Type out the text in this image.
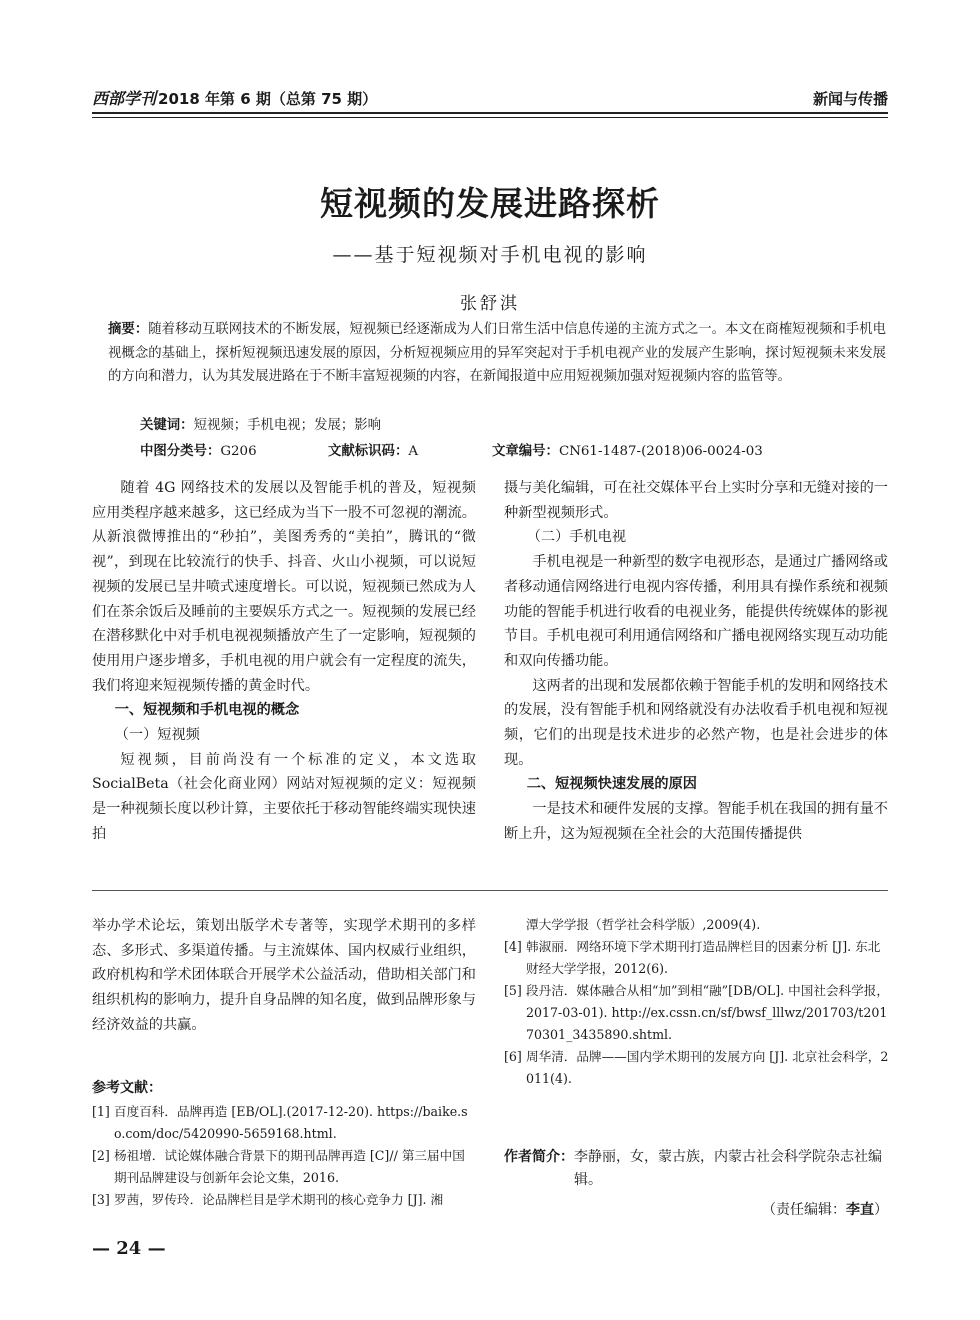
西部学刊 2018 年第 6 期（总第 75 期）	新闻与传播
短视频的发展进路探析
——基于短视频对手机电视的影响
张舒淇
摘要：随着移动互联网技术的不断发展，短视频已经逐渐成为人们日常生活中信息传递的主流方式之一。本文在商榷短视频和手机电视概念的基础上，探析短视频迅速发展的原因，分析短视频应用的异军突起对于手机电视产业的发展产生影响，探讨短视频未来发展的方向和潜力，认为其发展进路在于不断丰富短视频的内容，在新闻报道中应用短视频加强对短视频内容的监管等。
关键词：短视频；手机电视；发展；影响
中图分类号：G206	文献标识码：A	文章编号：CN61-1487-(2018)06-0024-03

随着 4G 网络技术的发展以及智能手机的普及，短视频应用类程序越来越多，这已经成为当下一股不可忽视的潮流。从新浪微博推出的“秒拍”，美图秀秀的“美拍”，腾讯的“微视”，到现在比较流行的快手、抖音、火山小视频，可以说短视频的发展已呈井喷式速度增长。可以说，短视频已然成为人们在茶余饭后及睡前的主要娱乐方式之一。短视频的发展已经在潜移默化中对手机电视视频播放产生了一定影响，短视频的使用用户逐步增多，手机电视的用户就会有一定程度的流失，我们将迎来短视频传播的黄金时代。

一、短视频和手机电视的概念

（一）短视频

短视频，目前尚没有一个标准的定义，本文选取 SocialBeta（社会化商业网）网站对短视频的定义：短视频是一种视频长度以秒计算，主要依托于移动智能终端实现快速拍

摄与美化编辑，可在社交媒体平台上实时分享和无缝对接的一种新型视频形式。

（二）手机电视

手机电视是一种新型的数字电视形态，是通过广播网络或者移动通信网络进行电视内容传播，利用具有操作系统和视频功能的智能手机进行收看的电视业务，能提供传统媒体的影视节目。手机电视可利用通信网络和广播电视网络实现互动功能和双向传播功能。

这两者的出现和发展都依赖于智能手机的发明和网络技术的发展，没有智能手机和网络就没有办法收看手机电视和短视频，它们的出现是技术进步的必然产物，也是社会进步的体现。

二、短视频快速发展的原因

一是技术和硬件发展的支撑。智能手机在我国的拥有量不断上升，这为短视频在全社会的大范围传播提供

举办学术论坛，策划出版学术专著等，实现学术期刊的多样态、多形式、多渠道传播。与主流媒体、国内权威行业组织，政府机构和学术团体联合开展学术公益活动，借助相关部门和组织机构的影响力，提升自身品牌的知名度，做到品牌形象与经济效益的共赢。

参考文献：
[1] 百度百科．品牌再造 [EB/OL].(2017-12-20). https://baike.so.com/doc/5420990-5659168.html.
[2] 杨祖增．试论媒体融合背景下的期刊品牌再造 [C]// 第三届中国期刊品牌建设与创新年会论文集，2016.
[3] 罗茜，罗传玲．论品牌栏目是学术期刊的核心竞争力 [J]. 湘
潭大学学报（哲学社会科学版）,2009(4).
[4] 韩淑丽．网络环境下学术期刊打造品牌栏目的因素分析 [J]. 东北财经大学学报，2012(6).
[5] 段丹洁．媒体融合从相“加”到相“融”[DB/OL]. 中国社会科学报，2017-03-01). http://ex.cssn.cn/sf/bwsf_lllwz/201703/t20170301_3435890.shtml.
[6] 周华清．品牌——国内学术期刊的发展方向 [J]. 北京社会科学，2011(4).
作者简介： 李静丽，女，蒙古族，内蒙古社会科学院杂志社编辑。
（责任编辑：李直）
— 24 —
